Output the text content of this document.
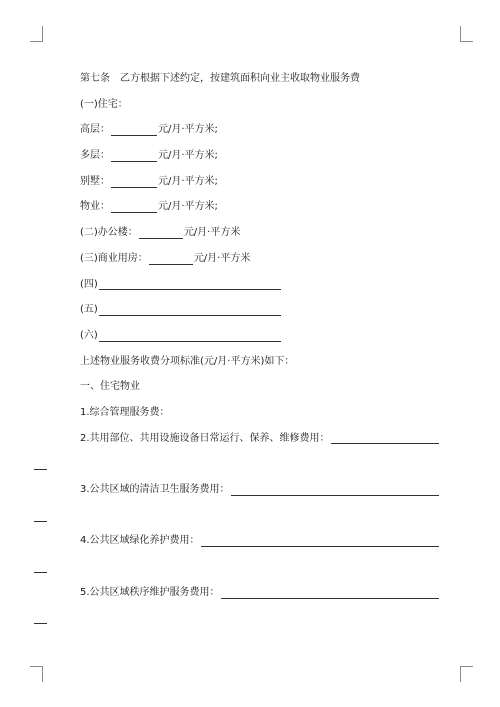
第七条　乙方根据下述约定，按建筑面积向业主收取物业服务费
(一)住宅：
高层：	元/月·平方米;
多层：	元/月·平方米;
别墅：	元/月·平方米;
物业：	元/月·平方米;
(二)办公楼：	元/月·平方米
(三)商业用房：	元/月·平方米
(四)
(五)
(六)
上述物业服务收费分项标准(元/月·平方米)如下：
一、住宅物业
1.综合管理服务费：
2.共用部位、共用设施设备日常运行、保养、维修费用：
3.公共区域的清洁卫生服务费用：
4.公共区域绿化养护费用：
5.公共区域秩序维护服务费用：
